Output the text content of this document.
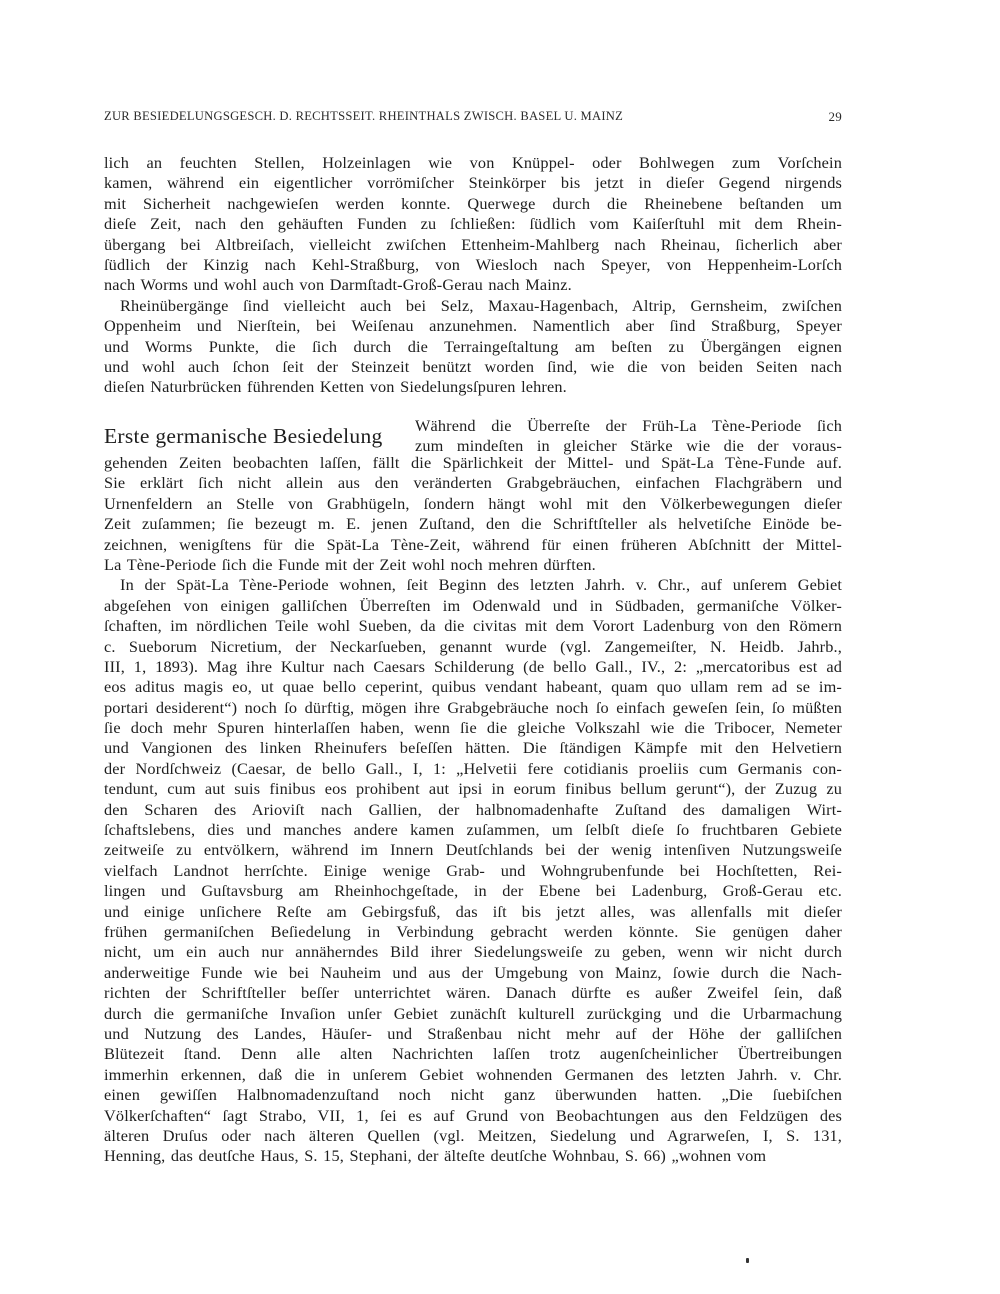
ZUR BESIEDELUNGSGESCH. D. RECHTSSEIT. RHEINTHALS ZWISCH. BASEL U. MAINZ	29
lich an feuchten Stellen, Holzeinlagen wie von Knüppel- oder Bohlwegen zum Vorſchein
kamen, während ein eigentlicher vorrömiſcher Steinkörper bis jetzt in dieſer Gegend nirgends
mit Sicherheit nachgewieſen werden konnte. Querwege durch die Rheinebene beſtanden um
dieſe Zeit, nach den gehäuften Funden zu ſchließen: ſüdlich vom Kaiſerſtuhl mit dem Rhein-
übergang bei Altbreiſach, vielleicht zwiſchen Ettenheim-Mahlberg nach Rheinau, ſicherlich aber
ſüdlich der Kinzig nach Kehl-Straßburg, von Wiesloch nach Speyer, von Heppenheim-Lorſch
nach Worms und wohl auch von Darmſtadt-Groß-Gerau nach Mainz.
Rheinübergänge ſind vielleicht auch bei Selz, Maxau-Hagenbach, Altrip, Gernsheim, zwiſchen
Oppenheim und Nierſtein, bei Weiſenau anzunehmen. Namentlich aber ſind Straßburg, Speyer
und Worms Punkte, die ſich durch die Terraingeſtaltung am beſten zu Übergängen eignen
und wohl auch ſchon ſeit der Steinzeit benützt worden ſind, wie die von beiden Seiten nach
dieſen Naturbrücken führenden Ketten von Siedelungsſpuren lehren.
Erste germanische Besiedelung Während die Überreſte der Früh-La Tène-Periode ſich
zum mindeſten in gleicher Stärke wie die der voraus-
gehenden Zeiten beobachten laſſen, fällt die Spärlichkeit der Mittel- und Spät-La Tène-Funde auf.
Sie erklärt ſich nicht allein aus den veränderten Grabgebräuchen, einfachen Flachgräbern und
Urnenfeldern an Stelle von Grabhügeln, ſondern hängt wohl mit den Völkerbewegungen dieſer
Zeit zuſammen; ſie bezeugt m. E. jenen Zuſtand, den die Schriftſteller als helvetiſche Einöde be-
zeichnen, wenigſtens für die Spät-La Tène-Zeit, während für einen früheren Abſchnitt der Mittel-
La Tène-Periode ſich die Funde mit der Zeit wohl noch mehren dürften.
In der Spät-La Tène-Periode wohnen, ſeit Beginn des letzten Jahrh. v. Chr., auf unſerem Gebiet
abgeſehen von einigen galliſchen Überreſten im Odenwald und in Südbaden, germaniſche Völker-
ſchaften, im nördlichen Teile wohl Sueben, da die civitas mit dem Vorort Ladenburg von den Römern
c. Sueborum Nicretium, der Neckarſueben, genannt wurde (vgl. Zangemeiſter, N. Heidb. Jahrb.,
III, 1, 1893). Mag ihre Kultur nach Caesars Schilderung (de bello Gall., IV., 2: „mercatoribus est ad
eos aditus magis eo, ut quae bello ceperint, quibus vendant habeant, quam quo ullam rem ad se im-
portari desiderent“) noch ſo dürftig, mögen ihre Grabgebräuche noch ſo einfach geweſen ſein, ſo müßten
ſie doch mehr Spuren hinterlaſſen haben, wenn ſie die gleiche Volkszahl wie die Triboсer, Nemeter
und Vangionen des linken Rheinufers beſeſſen hätten. Die ſtändigen Kämpfe mit den Helvetiern
der Nordſchweiz (Caesar, de bello Gall., I, 1: „Helvetii fere cotidianis proeliis cum Germanis con-
tendunt, cum aut suis finibus eos prohibent aut ipsi in eorum finibus bellum gerunt“), der Zuzug zu
den Scharen des Arioviſt nach Gallien, der halbnomadenhafte Zuſtand des damaligen Wirt-
ſchaftslebens, dies und manches andere kamen zuſammen, um ſelbſt dieſe ſo fruchtbaren Gebiete
zeitweiſe zu entvölkern, während im Innern Deutſchlands bei der wenig intenſiven Nutzungsweiſe
vielfach Landnot herrſchte. Einige wenige Grab- und Wohngrubenfunde bei Hochſtetten, Rei-
lingen und Guſtavsburg am Rheinhochgeſtade, in der Ebene bei Ladenburg, Groß-Gerau etc.
und einige unſichere Reſte am Gebirgsfuß, das iſt bis jetzt alles, was allenfalls mit dieſer
frühen germaniſchen Beſiedelung in Verbindung gebracht werden könnte. Sie genügen daher
nicht, um ein auch nur annäherndes Bild ihrer Siedelungsweiſe zu geben, wenn wir nicht durch
anderweitige Funde wie bei Nauheim und aus der Umgebung von Mainz, ſowie durch die Nach-
richten der Schriftſteller beſſer unterrichtet wären. Danach dürfte es außer Zweifel ſein, daß
durch die germaniſche Invaſion unſer Gebiet zunächſt kulturell zurückging und die Urbarmachung
und Nutzung des Landes, Häuſer- und Straßenbau nicht mehr auf der Höhe der galliſchen
Blütezeit ſtand. Denn alle alten Nachrichten laſſen trotz augenſcheinlicher Übertreibungen
immerhin erkennen, daß die in unſerem Gebiet wohnenden Germanen des letzten Jahrh. v. Chr.
einen gewiſſen Halbnomadenzuſtand noch nicht ganz überwunden hatten. „Die ſuebiſchen
Völkerſchaften“ ſagt Strabo, VII, 1, ſei es auf Grund von Beobachtungen aus den Feldzügen des
älteren Druſus oder nach älteren Quellen (vgl. Meitzen, Siedelung und Agrarweſen, I, S. 131,
Henning, das deutſche Haus, S. 15, Stephani, der älteſte deutſche Wohnbau, S. 66) „wohnen vom
